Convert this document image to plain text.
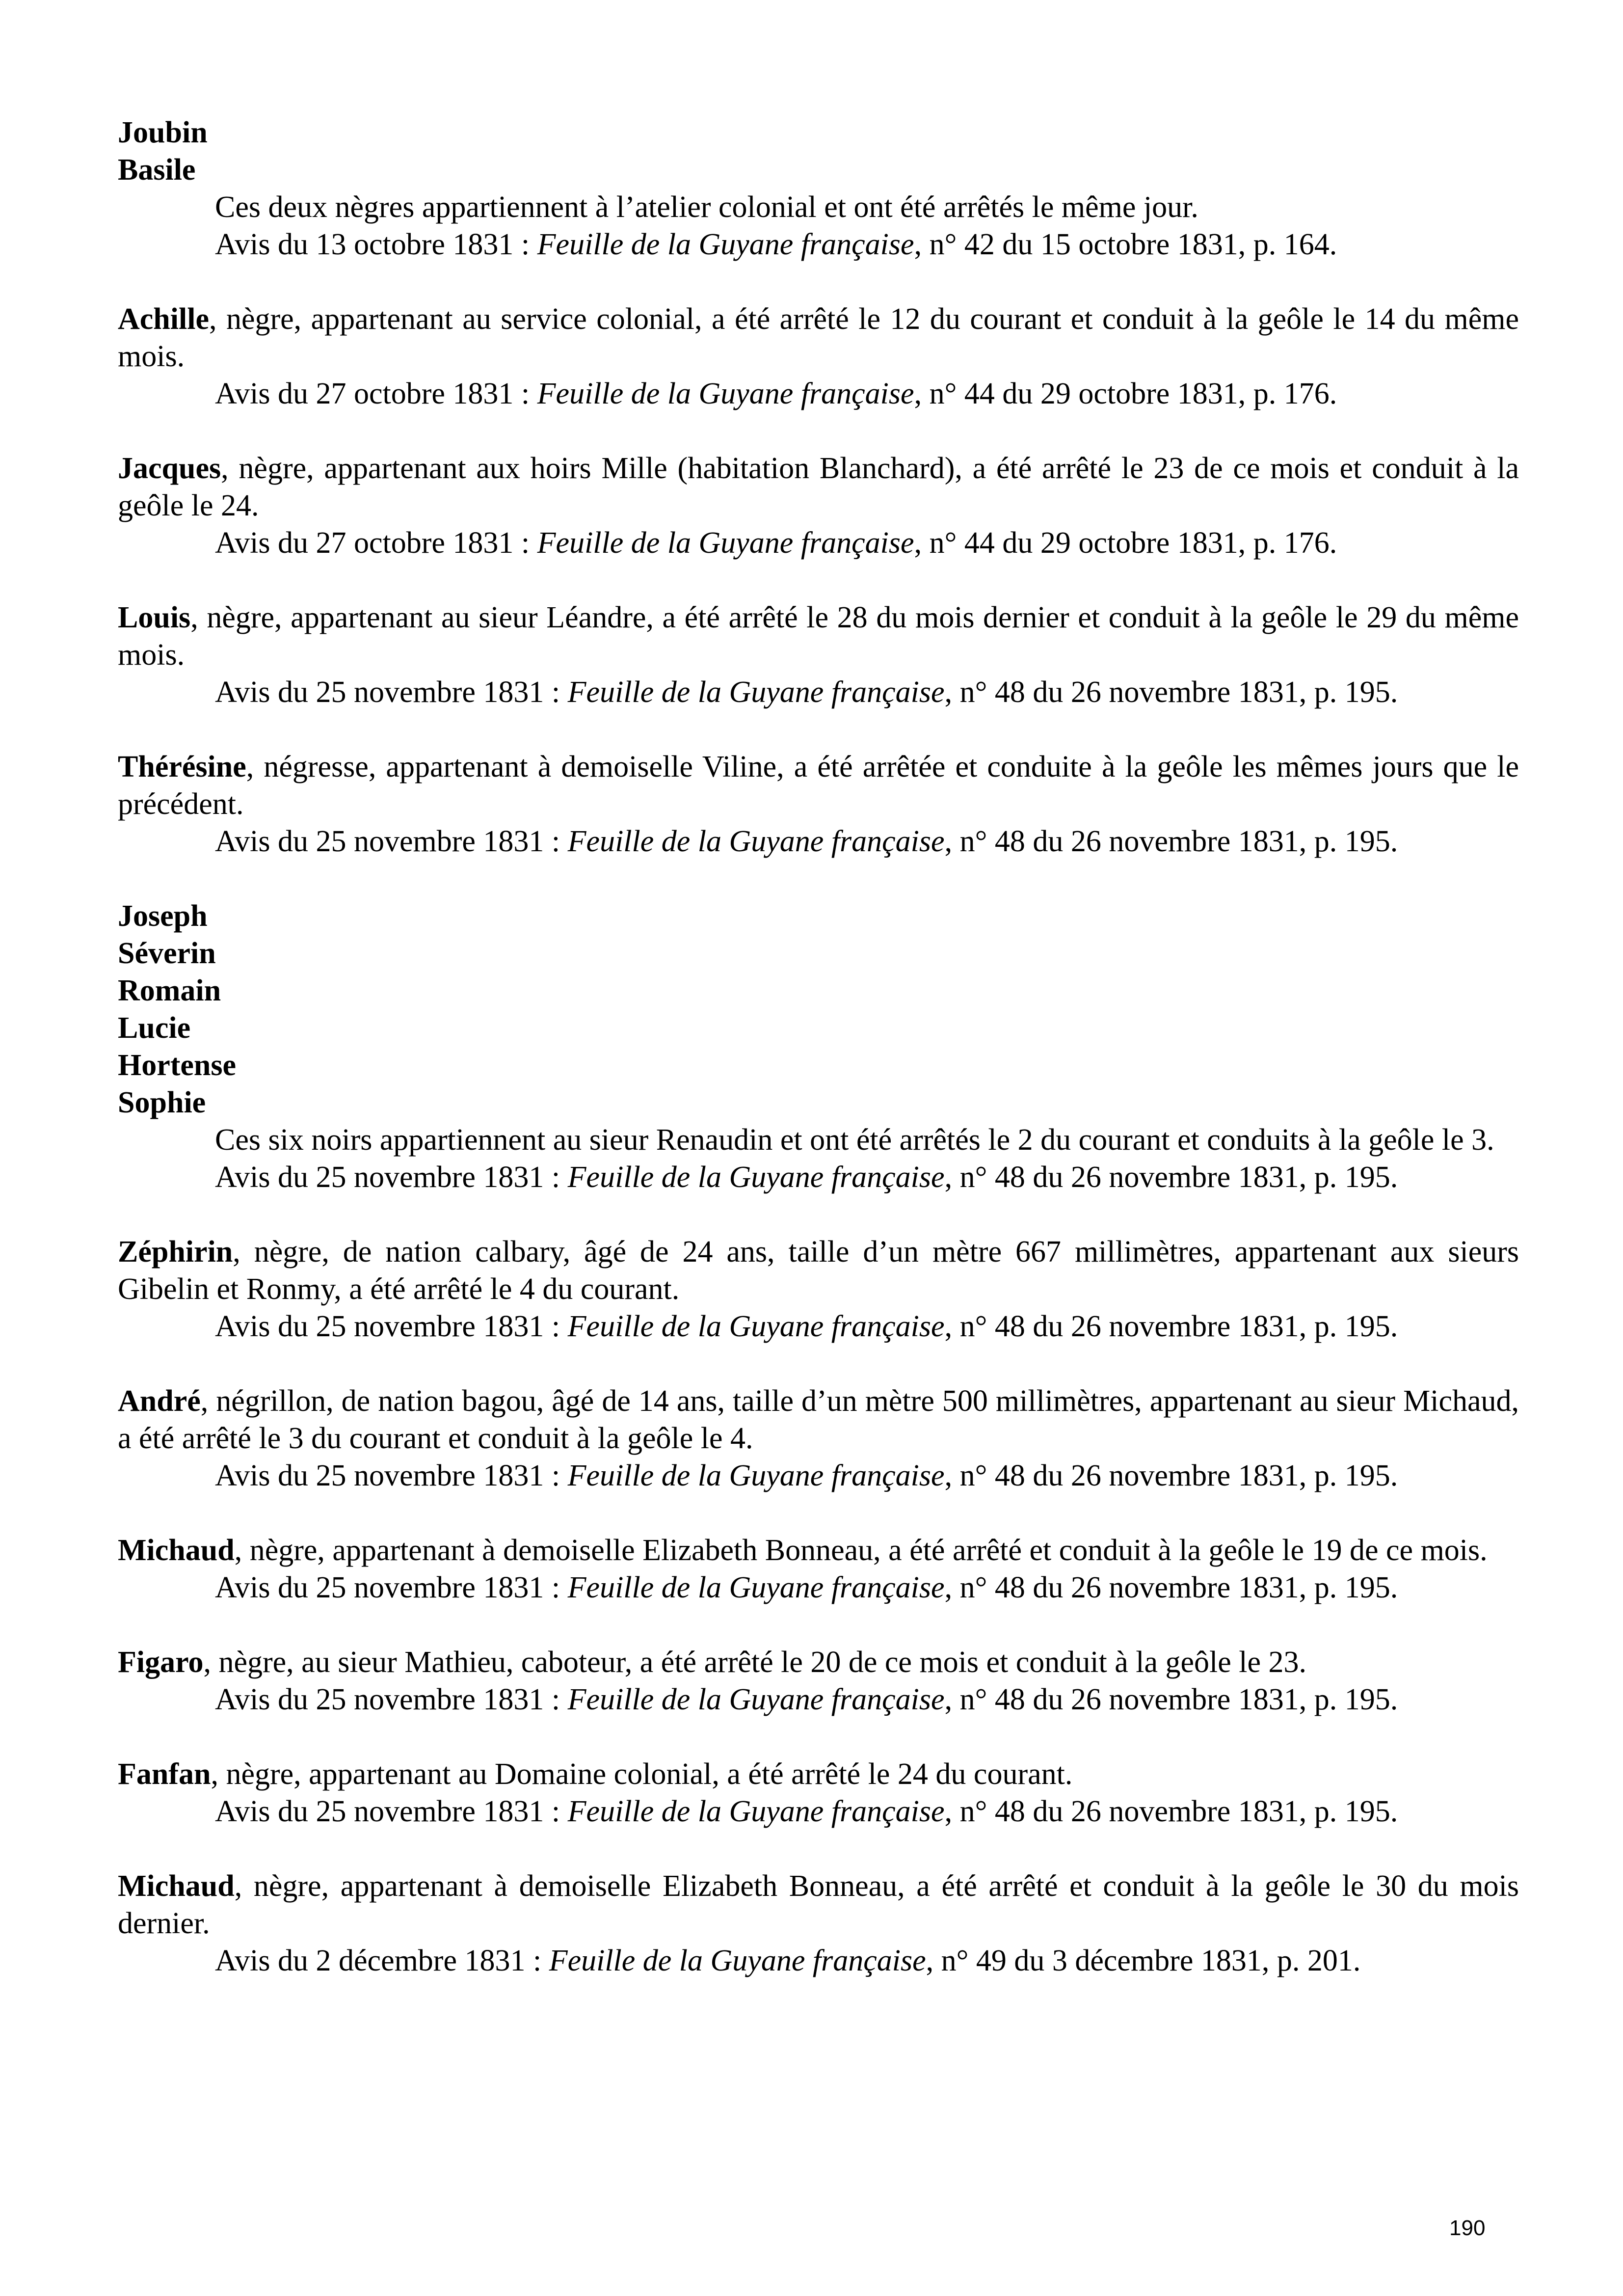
Joubin
Basile

Ces deux nègres appartiennent à l’atelier colonial et ont été arrêtés le même jour.

Avis du 13 octobre 1831 : Feuille de la Guyane française, n° 42 du 15 octobre 1831, p. 164.

Achille, nègre, appartenant au service colonial, a été arrêté le 12 du courant et conduit à la geôle le 14 du même mois.

Avis du 27 octobre 1831 : Feuille de la Guyane française, n° 44 du 29 octobre 1831, p. 176.

Jacques, nègre, appartenant aux hoirs Mille (habitation Blanchard), a été arrêté le 23 de ce mois et conduit à la geôle le 24.

Avis du 27 octobre 1831 : Feuille de la Guyane française, n° 44 du 29 octobre 1831, p. 176.

Louis, nègre, appartenant au sieur Léandre, a été arrêté le 28 du mois dernier et conduit à la geôle le 29 du même mois.

Avis du 25 novembre 1831 : Feuille de la Guyane française, n° 48 du 26 novembre 1831, p. 195.

Thérésine, négresse, appartenant à demoiselle Viline, a été arrêtée et conduite à la geôle les mêmes jours que le précédent.

Avis du 25 novembre 1831 : Feuille de la Guyane française, n° 48 du 26 novembre 1831, p. 195.

Joseph
Séverin
Romain
Lucie
Hortense
Sophie

Ces six noirs appartiennent au sieur Renaudin et ont été arrêtés le 2 du courant et conduits à la geôle le 3.

Avis du 25 novembre 1831 : Feuille de la Guyane française, n° 48 du 26 novembre 1831, p. 195.

Zéphirin, nègre, de nation calbary, âgé de 24 ans, taille d’un mètre 667 millimètres, appartenant aux sieurs Gibelin et Ronmy, a été arrêté le 4 du courant.

Avis du 25 novembre 1831 : Feuille de la Guyane française, n° 48 du 26 novembre 1831, p. 195.

André, négrillon, de nation bagou, âgé de 14 ans, taille d’un mètre 500 millimètres, appartenant au sieur Michaud, a été arrêté le 3 du courant et conduit à la geôle le 4.

Avis du 25 novembre 1831 : Feuille de la Guyane française, n° 48 du 26 novembre 1831, p. 195.

Michaud, nègre, appartenant à demoiselle Elizabeth Bonneau, a été arrêté et conduit à la geôle le 19 de ce mois.

Avis du 25 novembre 1831 : Feuille de la Guyane française, n° 48 du 26 novembre 1831, p. 195.

Figaro, nègre, au sieur Mathieu, caboteur, a été arrêté le 20 de ce mois et conduit à la geôle le 23.

Avis du 25 novembre 1831 : Feuille de la Guyane française, n° 48 du 26 novembre 1831, p. 195.

Fanfan, nègre, appartenant au Domaine colonial, a été arrêté le 24 du courant.

Avis du 25 novembre 1831 : Feuille de la Guyane française, n° 48 du 26 novembre 1831, p. 195.

Michaud, nègre, appartenant à demoiselle Elizabeth Bonneau, a été arrêté et conduit à la geôle le 30 du mois dernier.

Avis du 2 décembre 1831 : Feuille de la Guyane française, n° 49 du 3 décembre 1831, p. 201.

190
